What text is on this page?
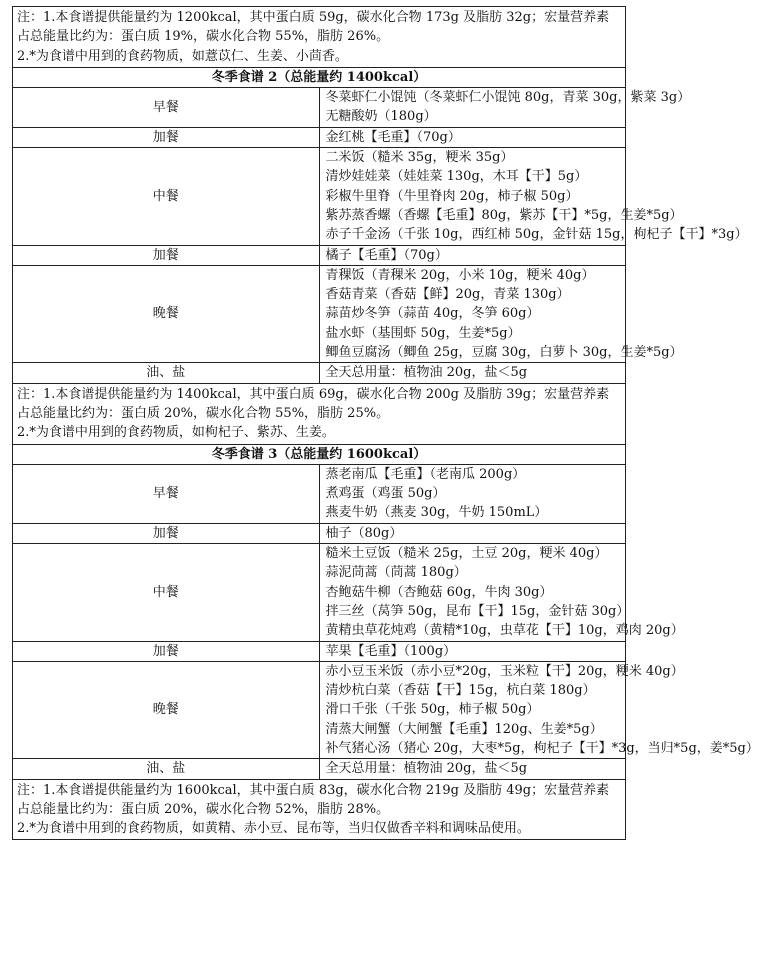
注：1.本食谱提供能量约为 1200kcal，其中蛋白质 59g，碳水化合物 173g 及脂肪 32g；宏量营养素占总能量比约为：蛋白质 19%，碳水化合物 55%，脂肪 26%。
2.*为食谱中用到的食药物质，如薏苡仁、生姜、小茴香。	

冬季食谱 2（总能量约 1400kcal）	
早餐	冬菜虾仁小馄饨（冬菜虾仁小馄饨 80g，青菜 30g，紫菜 3g）
无糖酸奶（180g）

加餐	金红桃【毛重】（70g）

中餐	二米饭（糙米 35g，粳米 35g）
清炒娃娃菜（娃娃菜 130g，木耳【干】5g）
彩椒牛里脊（牛里脊肉 20g，柿子椒 50g）
紫苏蒸香螺（香螺【毛重】80g，紫苏【干】*5g，生姜*5g）
赤子千金汤（千张 10g，西红柿 50g，金针菇 15g，枸杞子【干】*3g）

加餐	橘子【毛重】（70g）

晚餐	青稞饭（青稞米 20g，小米 10g，粳米 40g）
香菇青菜（香菇【鲜】20g，青菜 130g）
蒜苗炒冬笋（蒜苗 40g，冬笋 60g）
盐水虾（基围虾 50g，生姜*5g）
鲫鱼豆腐汤（鲫鱼 25g，豆腐 30g，白萝卜 30g，生姜*5g）

油、盐	全天总用量：植物油 20g，盐＜5g

注：1.本食谱提供能量约为 1400kcal，其中蛋白质 69g，碳水化合物 200g 及脂肪 39g；宏量营养素占总能量比约为：蛋白质 20%，碳水化合物 55%，脂肪 25%。
2.*为食谱中用到的食药物质，如枸杞子、紫苏、生姜。	

冬季食谱 3（总能量约 1600kcal）	
早餐	蒸老南瓜【毛重】（老南瓜 200g）
煮鸡蛋（鸡蛋 50g）
燕麦牛奶（燕麦 30g，牛奶 150mL）

加餐	柚子（80g）

中餐	糙米土豆饭（糙米 25g，土豆 20g，粳米 40g）
蒜泥茼蒿（茼蒿 180g）
杏鲍菇牛柳（杏鲍菇 60g，牛肉 30g）
拌三丝（莴笋 50g，昆布【干】15g，金针菇 30g）
黄精虫草花炖鸡（黄精*10g，虫草花【干】10g，鸡肉 20g）

加餐	苹果【毛重】（100g）

晚餐	赤小豆玉米饭（赤小豆*20g，玉米粒【干】20g，粳米 40g）
清炒杭白菜（香菇【干】15g，杭白菜 180g）
滑口千张（千张 50g，柿子椒 50g）
清蒸大闸蟹（大闸蟹【毛重】120g、生姜*5g）
补气猪心汤（猪心 20g，大枣*5g，枸杞子【干】*3g，当归*5g，姜*5g）

油、盐	全天总用量：植物油 20g，盐＜5g

注：1.本食谱提供能量约为 1600kcal，其中蛋白质 83g，碳水化合物 219g 及脂肪 49g；宏量营养素占总能量比约为：蛋白质 20%，碳水化合物 52%，脂肪 28%。
2.*为食谱中用到的食药物质，如黄精、赤小豆、昆布等，当归仅做香辛料和调味品使用。	
